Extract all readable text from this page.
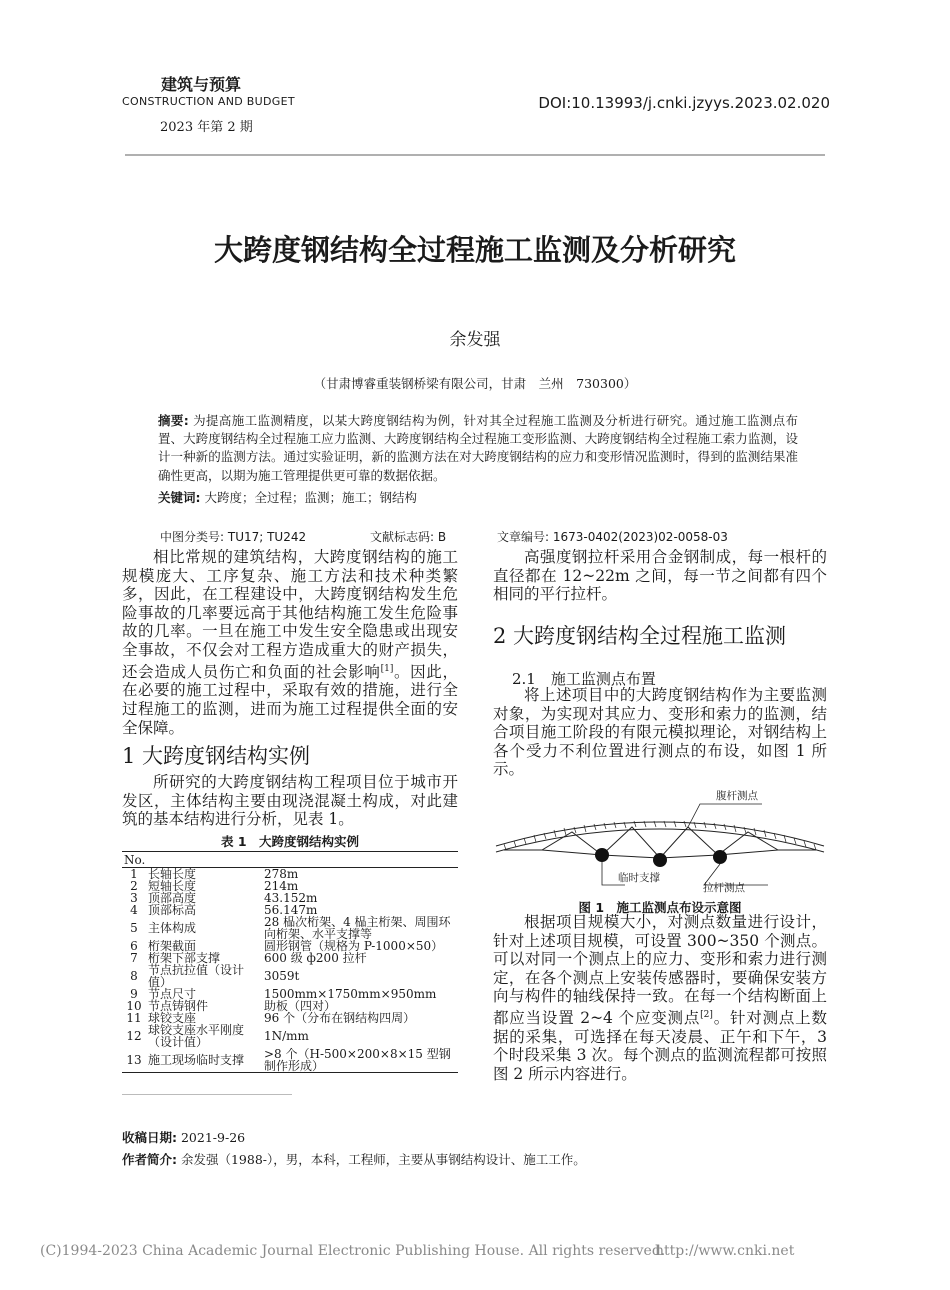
建筑与预算
CONSTRUCTION AND BUDGET
2023 年第 2 期
DOI:10.13993/j.cnki.jzyys.2023.02.020
大跨度钢结构全过程施工监测及分析研究
余发强
（甘肃博睿重装钢桥梁有限公司，甘肃　兰州　730300）
摘要: 为提高施工监测精度，以某大跨度钢结构为例，针对其全过程施工监测及分析进行研究。通过施工监测点布置、大跨度钢结构全过程施工应力监测、大跨度钢结构全过程施工变形监测、大跨度钢结构全过程施工索力监测，设计一种新的监测方法。通过实验证明，新的监测方法在对大跨度钢结构的应力和变形情况监测时，得到的监测结果准确性更高，以期为施工管理提供更可靠的数据依据。
关键词: 大跨度；全过程；监测；施工；钢结构
中图分类号: TU17; TU242	文献标志码: B	文章编号: 1673-0402(2023)02-0058-03
相比常规的建筑结构，大跨度钢结构的施工规模庞大、工序复杂、施工方法和技术种类繁多，因此，在工程建设中，大跨度钢结构发生危险事故的几率要远高于其他结构施工发生危险事故的几率。一旦在施工中发生安全隐患或出现安全事故，不仅会对工程方造成重大的财产损失，还会造成人员伤亡和负面的社会影响[1]。因此，在必要的施工过程中，采取有效的措施，进行全过程施工的监测，进而为施工过程提供全面的安全保障。
1 大跨度钢结构实例
所研究的大跨度钢结构工程项目位于城市开发区，主体结构主要由现浇混凝土构成，对此建筑的基本结构进行分析，见表 1。
表 1　大跨度钢结构实例
No.		
1	长轴长度	278m
2	短轴长度	214m
3	顶部高度	43.152m
4	顶部标高	56.147m
5	主体构成	28 榀次桁架、4 榀主桁架、周围环向桁架、水平支撑等
6	桁架截面	圆形钢管（规格为 P-1000×50）
7	桁架下部支撑	600 级 ф200 拉杆
8	节点抗拉值（设计值）	3059t
9	节点尺寸	1500mm×1750mm×950mm
10	节点铸钢件	助板（四对）
11	球铰支座	96 个（分布在钢结构四周）
12	球铰支座水平刚度（设计值）	1N/mm
13	施工现场临时支撑	>8 个（H-500×200×8×15 型钢制作形成）
高强度钢拉杆采用合金钢制成，每一根杆的直径都在 12~22m 之间，每一节之间都有四个相同的平行拉杆。
2 大跨度钢结构全过程施工监测
2.1　施工监测点布置
将上述项目中的大跨度钢结构作为主要监测对象，为实现对其应力、变形和索力的监测，结合项目施工阶段的有限元模拟理论，对钢结构上各个受力不利位置进行测点的布设，如图 1 所示。
腹杆测点
临时支撑
拉杆测点
图 1　施工监测点布设示意图
根据项目规模大小，对测点数量进行设计，针对上述项目规模，可设置 300~350 个测点。可以对同一个测点上的应力、变形和索力进行测定，在各个测点上安装传感器时，要确保安装方向与构件的轴线保持一致。在每一个结构断面上都应当设置 2~4 个应变测点[2]。针对测点上数据的采集，可选择在每天凌晨、正午和下午，3 个时段采集 3 次。每个测点的监测流程都可按照图 2 所示内容进行。
收稿日期: 2021-9-26
作者简介: 余发强（1988-），男，本科，工程师，主要从事钢结构设计、施工工作。
(C)1994-2023 China Academic Journal Electronic Publishing House. All rights reserved.
http://www.cnki.net
